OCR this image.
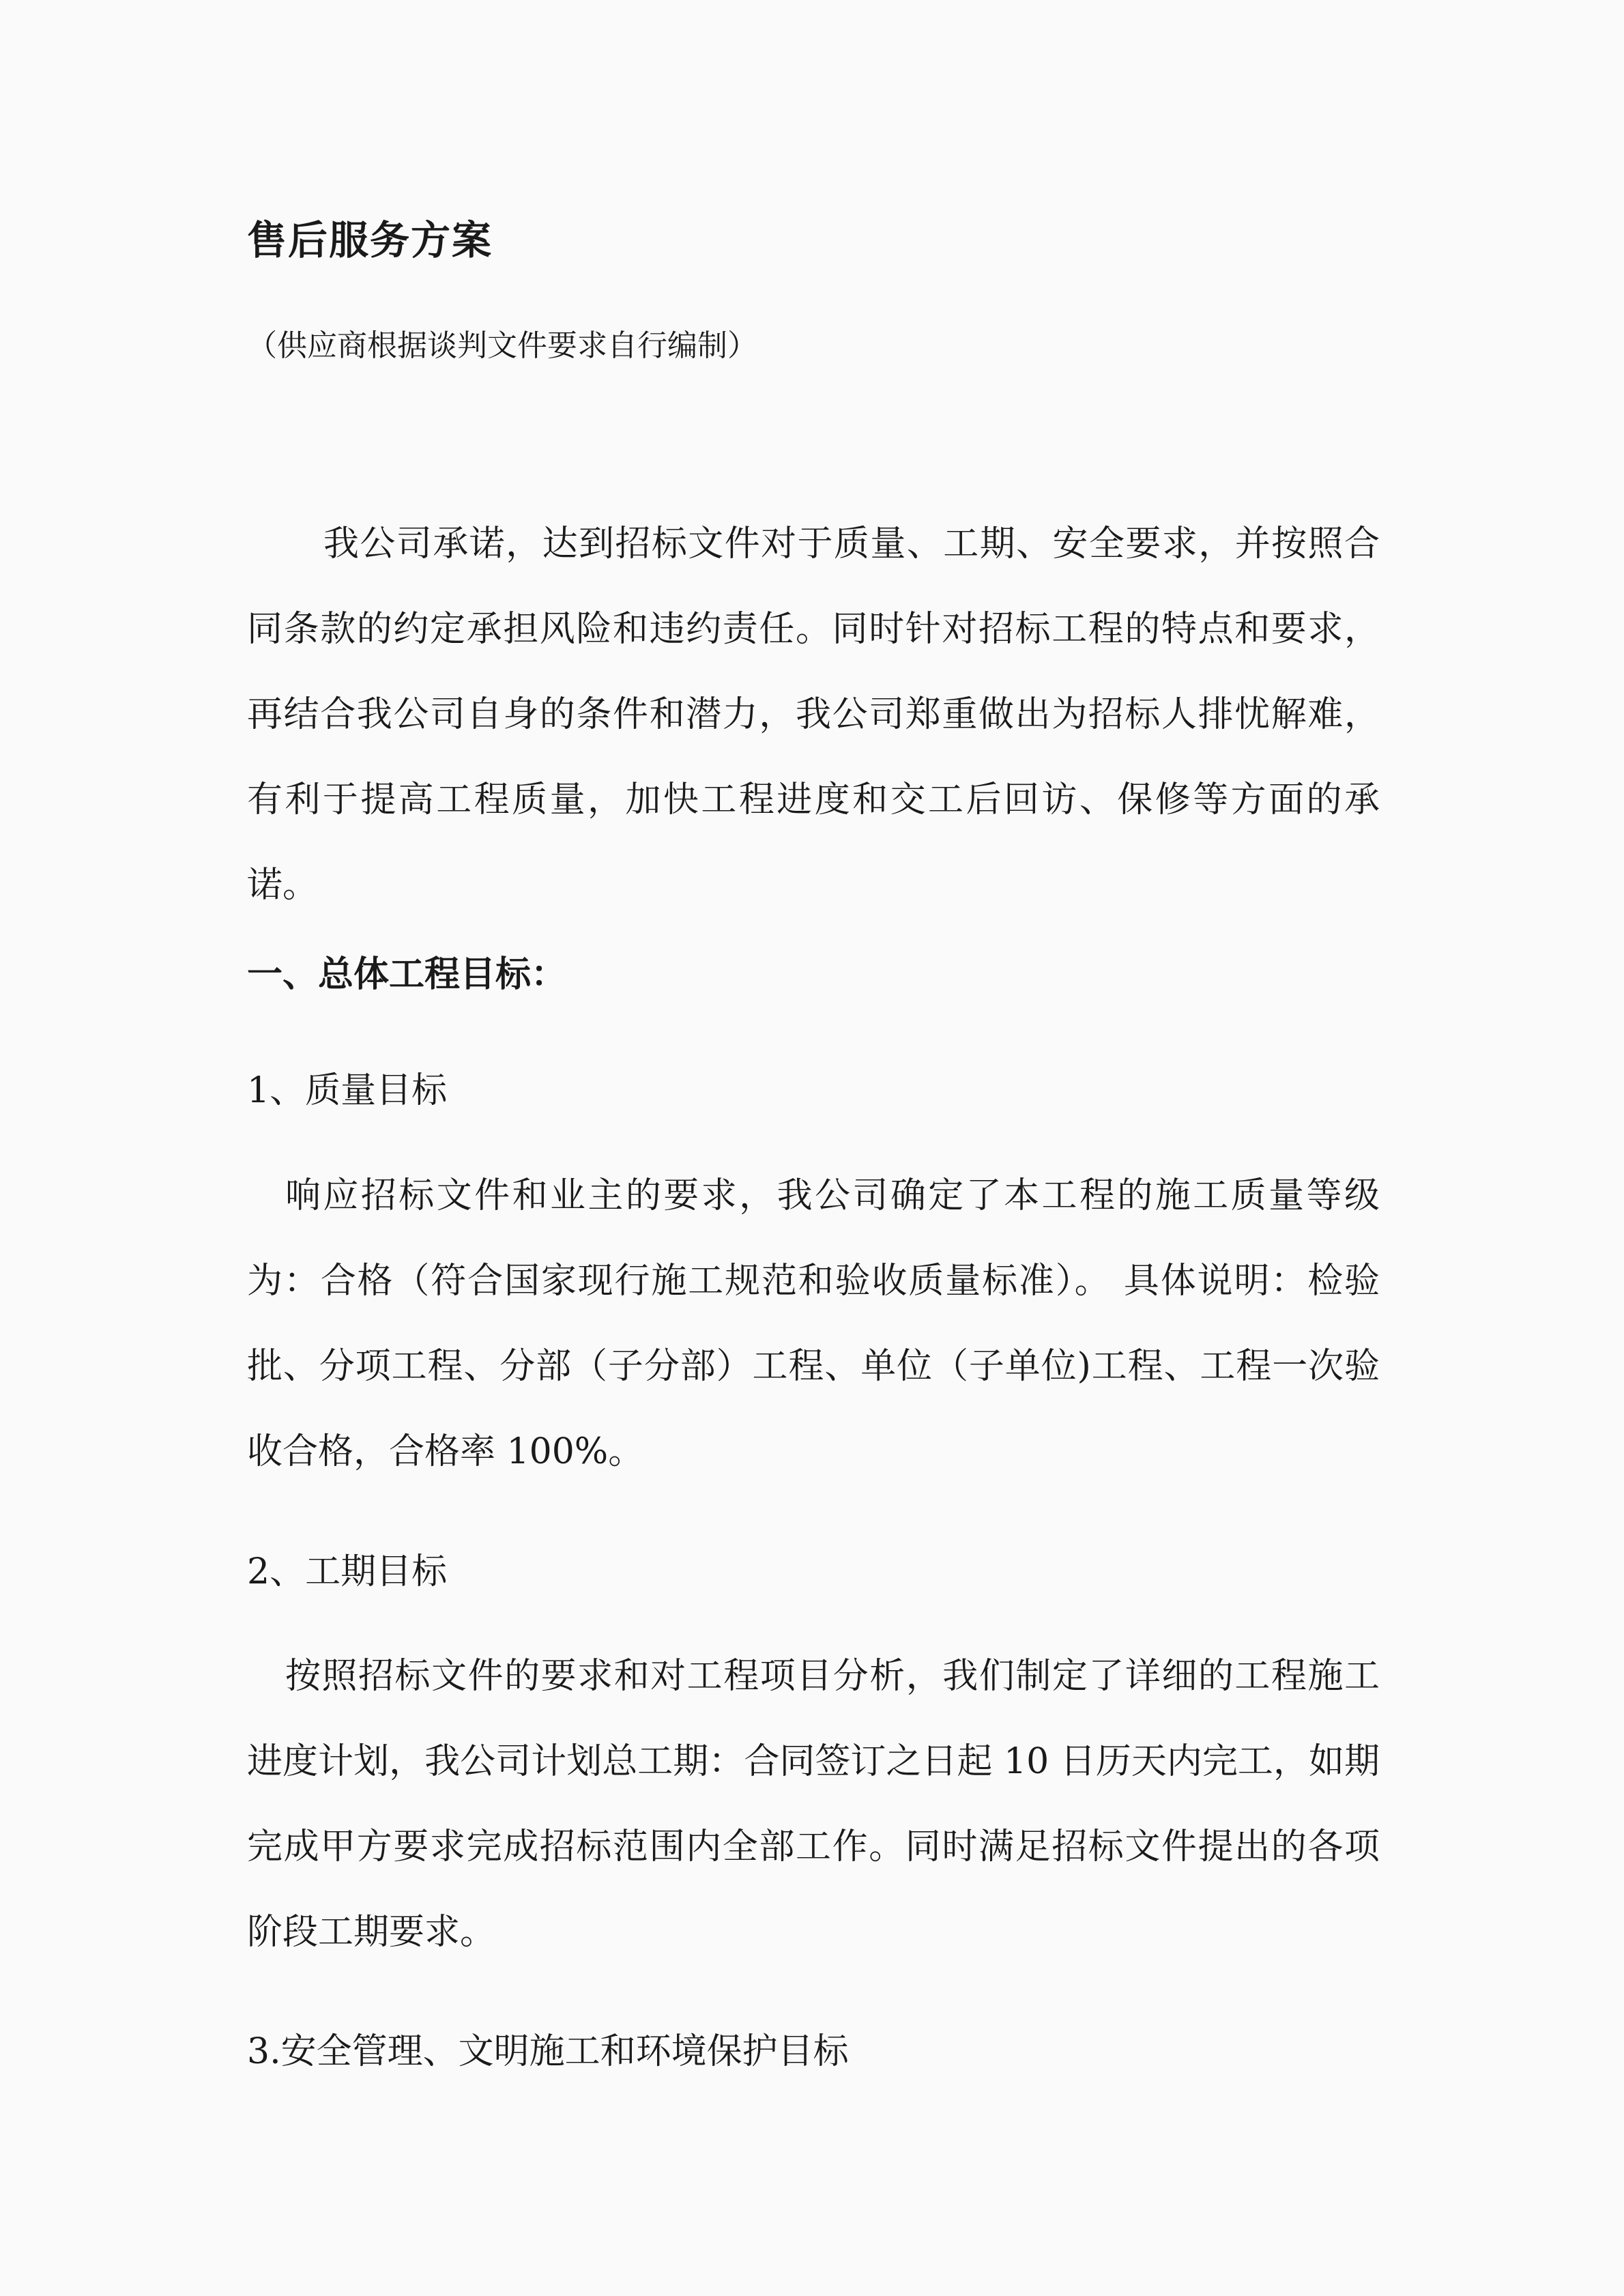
售后服务方案

（供应商根据谈判文件要求自行编制）

我公司承诺，达到招标文件对于质量、工期、安全要求，并按照合同条款的约定承担风险和违约责任。同时针对招标工程的特点和要求，再结合我公司自身的条件和潜力，我公司郑重做出为招标人排忧解难，有利于提高工程质量，加快工程进度和交工后回访、保修等方面的承诺。

一、总体工程目标：

1、质量目标

响应招标文件和业主的要求，我公司确定了本工程的施工质量等级为：合格（符合国家现行施工规范和验收质量标准）。 具体说明：检验批、分项工程、分部（子分部）工程、单位（子单位)工程、工程一次验收合格，合格率 100%。

2、工期目标

按照招标文件的要求和对工程项目分析，我们制定了详细的工程施工进度计划，我公司计划总工期：合同签订之日起 10 日历天内完工，如期完成甲方要求完成招标范围内全部工作。同时满足招标文件提出的各项阶段工期要求。

3.安全管理、文明施工和环境保护目标
